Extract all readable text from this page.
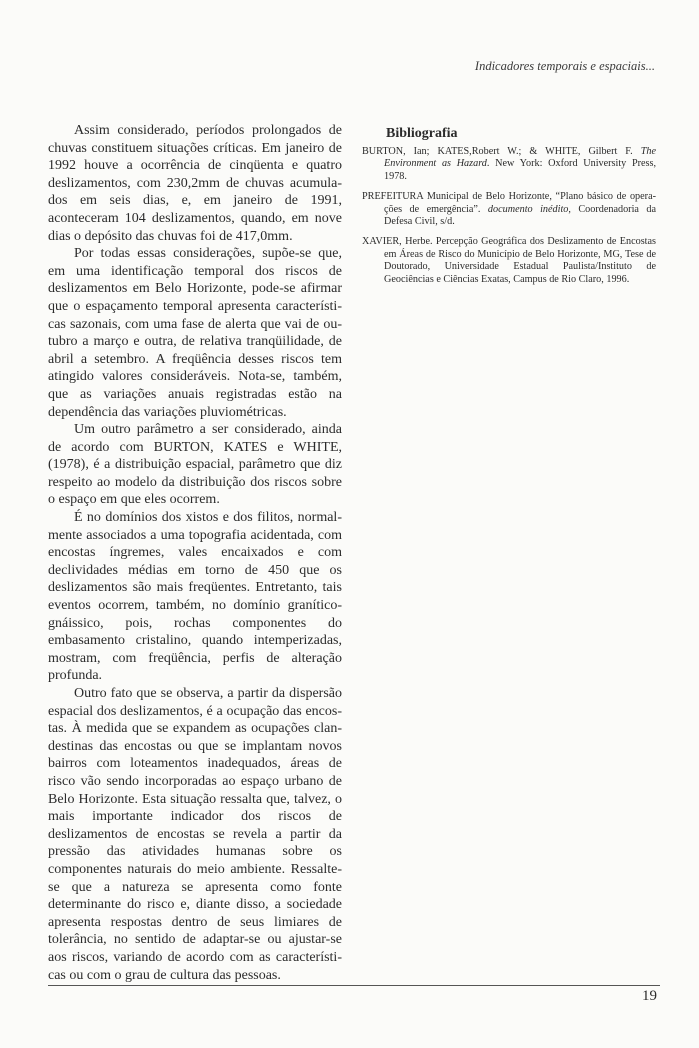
Indicadores temporais e espaciais...

Assim considerado, períodos prolongados de chuvas constituem situações críticas. Em janeiro de 1992 houve a ocorrência de cinqüenta e quatro deslizamentos, com 230,2mm de chuvas acumulados em seis dias, e, em janeiro de 1991, aconteceram 104 deslizamentos, quando, em nove dias o depósito das chuvas foi de 417,0mm.

Por todas essas considerações, supõe-se que, em uma identificação temporal dos riscos de deslizamentos em Belo Horizonte, pode-se afirmar que o espaçamento temporal apresenta características sazonais, com uma fase de alerta que vai de outubro a março e outra, de relativa tranqüilidade, de abril a setembro. A freqüência desses riscos tem atingido valores consideráveis. Nota-se, também, que as variações anuais registradas estão na dependência das variações pluviométricas.

Um outro parâmetro a ser considerado, ainda de acordo com BURTON, KATES e WHITE, (1978), é a distribuição espacial, parâmetro que diz respeito ao modelo da distribuição dos riscos sobre o espaço em que eles ocorrem.

É no domínios dos xistos e dos filitos, normalmente associados a uma topografia acidentada, com encostas íngremes, vales encaixados e com declividades médias em torno de 450 que os deslizamentos são mais freqüentes. Entretanto, tais eventos ocorrem, também, no domínio granítico-gnáissico, pois, rochas componentes do embasamento cristalino, quando intemperizadas, mostram, com freqüência, perfis de alteração profunda.

Outro fato que se observa, a partir da dispersão espacial dos deslizamentos, é a ocupação das encostas. À medida que se expandem as ocupações clandestinas das encostas ou que se implantam novos bairros com loteamentos inadequados, áreas de risco vão sendo incorporadas ao espaço urbano de Belo Horizonte. Esta situação ressalta que, talvez, o mais importante indicador dos riscos de deslizamentos de encostas se revela a partir da pressão das atividades humanas sobre os componentes naturais do meio ambiente. Ressalte-se que a natureza se apresenta como fonte determinante do risco e, diante disso, a sociedade apresenta respostas dentro de seus limiares de tolerância, no sentido de adaptar-se ou ajustar-se aos riscos, variando de acordo com as características ou com o grau de cultura das pessoas.

Bibliografia

BURTON, Ian; KATES,Robert W.; & WHITE, Gilbert F. The Environment as Hazard. New York: Oxford University Press, 1978.

PREFEITURA Municipal de Belo Horizonte, “Plano básico de operações de emergência”. documento inédito, Coordenadoria da Defesa Civil, s/d.

XAVIER, Herbe. Percepção Geográfica dos Deslizamento de Encostas em Áreas de Risco do Município de Belo Horizonte, MG, Tese de Doutorado, Universidade Estadual Paulista/Instituto de Geociências e Ciências Exatas, Campus de Rio Claro, 1996.

19
